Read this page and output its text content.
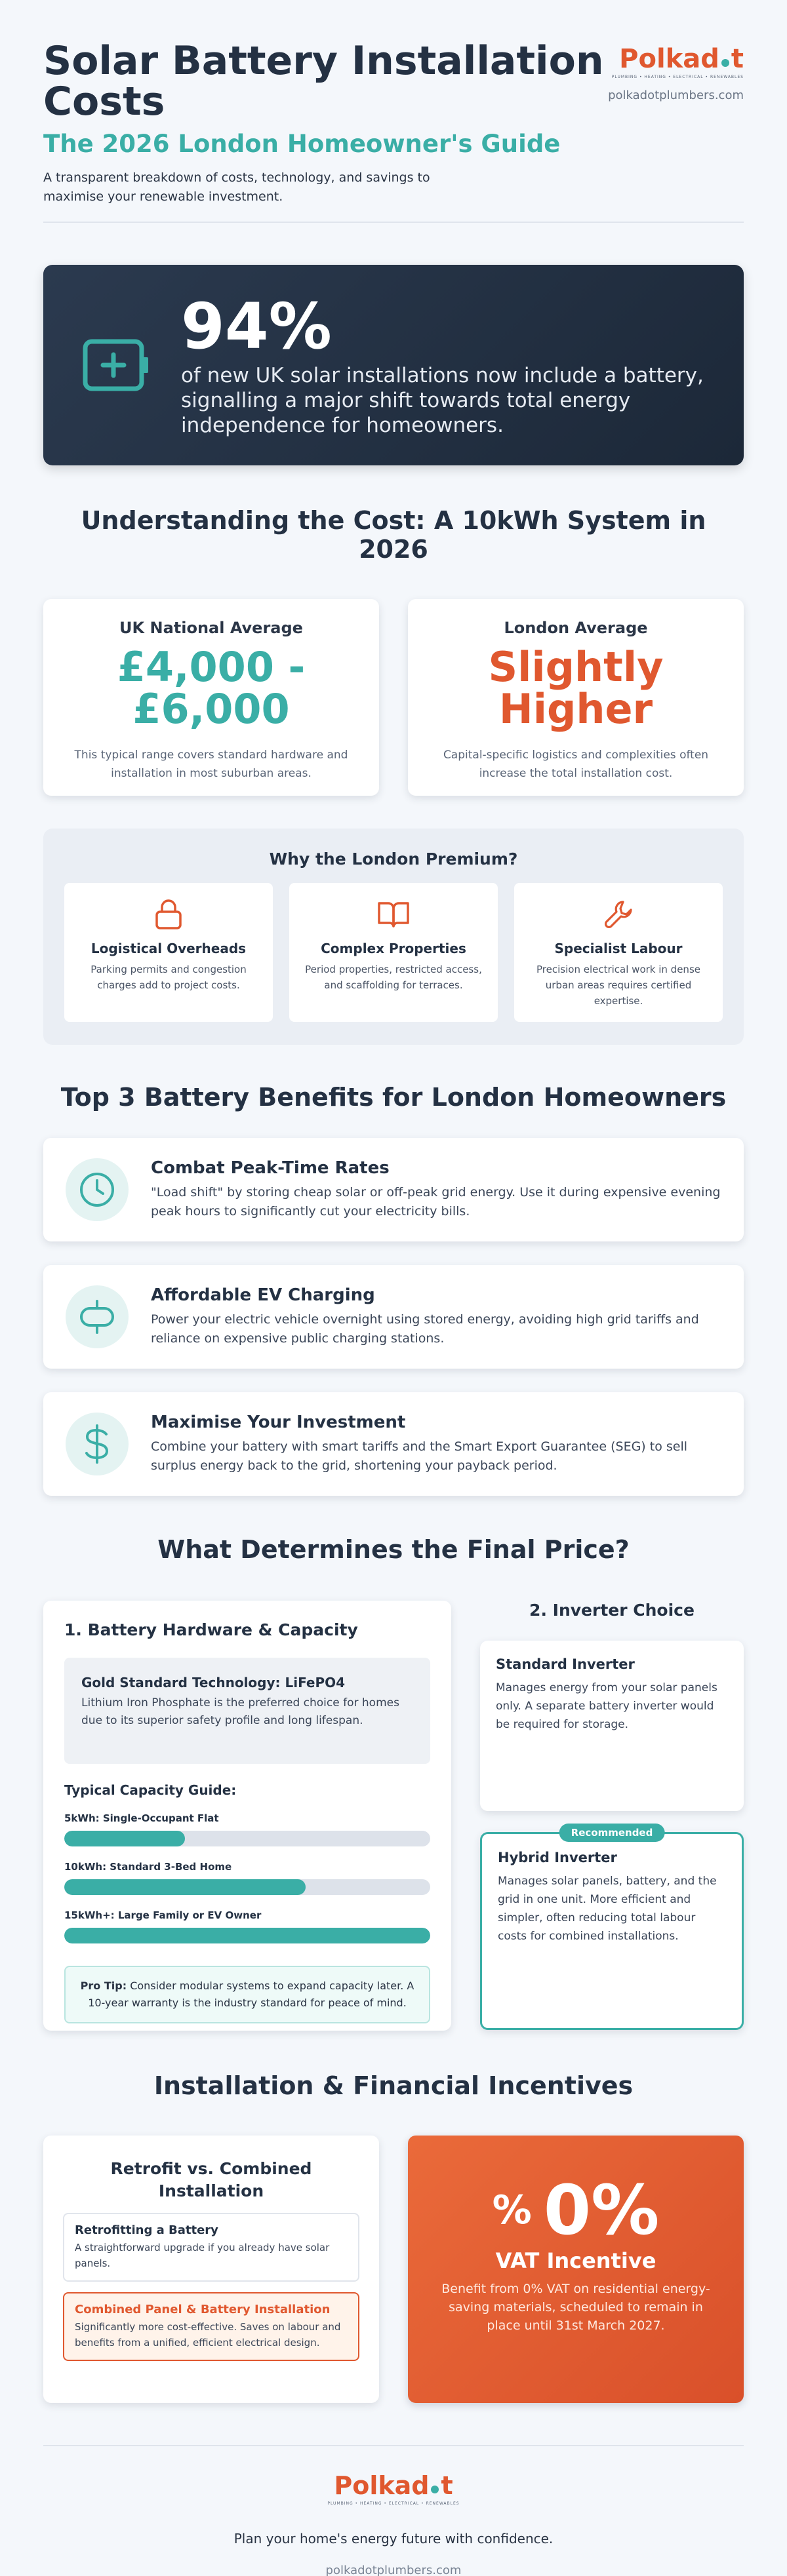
Solar Battery Installation Costs
The 2026 London Homeowner's Guide

A transparent breakdown of costs, technology, and savings to maximise your renewable investment.

Polkad t
PLUMBING • HEATING • ELECTRICAL • RENEWABLES
polkadotplumbers.com
94%
of new UK solar installations now include a battery, signalling a major shift towards total energy independence for homeowners.
Understanding the Cost: A 10kWh System in 2026
UK National Average
£4,000 - £6,000
This typical range covers standard hardware and installation in most suburban areas.
London Average
Slightly Higher
Capital-specific logistics and complexities often increase the total installation cost.
Why the London Premium?
Logistical Overheads
Parking permits and congestion charges add to project costs.
Complex Properties
Period properties, restricted access, and scaffolding for terraces.
Specialist Labour
Precision electrical work in dense urban areas requires certified expertise.
Top 3 Battery Benefits for London Homeowners
Combat Peak-Time Rates
"Load shift" by storing cheap solar or off-peak grid energy. Use it during expensive evening peak hours to significantly cut your electricity bills.
Affordable EV Charging
Power your electric vehicle overnight using stored energy, avoiding high grid tariffs and reliance on expensive public charging stations.
Maximise Your Investment
Combine your battery with smart tariffs and the Smart Export Guarantee (SEG) to sell surplus energy back to the grid, shortening your payback period.
What Determines the Final Price?
1. Battery Hardware & Capacity
Gold Standard Technology: LiFePO4
Lithium Iron Phosphate is the preferred choice for homes due to its superior safety profile and long lifespan.
Typical Capacity Guide:
5kWh: Single-Occupant Flat
10kWh: Standard 3-Bed Home
15kWh+: Large Family or EV Owner
Pro Tip: Consider modular systems to expand capacity later. A 10-year warranty is the industry standard for peace of mind.
2. Inverter Choice
Standard Inverter
Manages energy from your solar panels only. A separate battery inverter would be required for storage.
Recommended
Hybrid Inverter
Manages solar panels, battery, and the grid in one unit. More efficient and simpler, often reducing total labour costs for combined installations.
Installation & Financial Incentives
Retrofit vs. Combined Installation
Retrofitting a Battery
A straightforward upgrade if you already have solar panels.
Combined Panel & Battery Installation
Significantly more cost-effective. Saves on labour and benefits from a unified, efficient electrical design.
% 0%
VAT Incentive
Benefit from 0% VAT on residential energy-saving materials, scheduled to remain in place until 31st March 2027.
Polkad t
PLUMBING • HEATING • ELECTRICAL • RENEWABLES
Plan your home's energy future with confidence.
polkadotplumbers.com
